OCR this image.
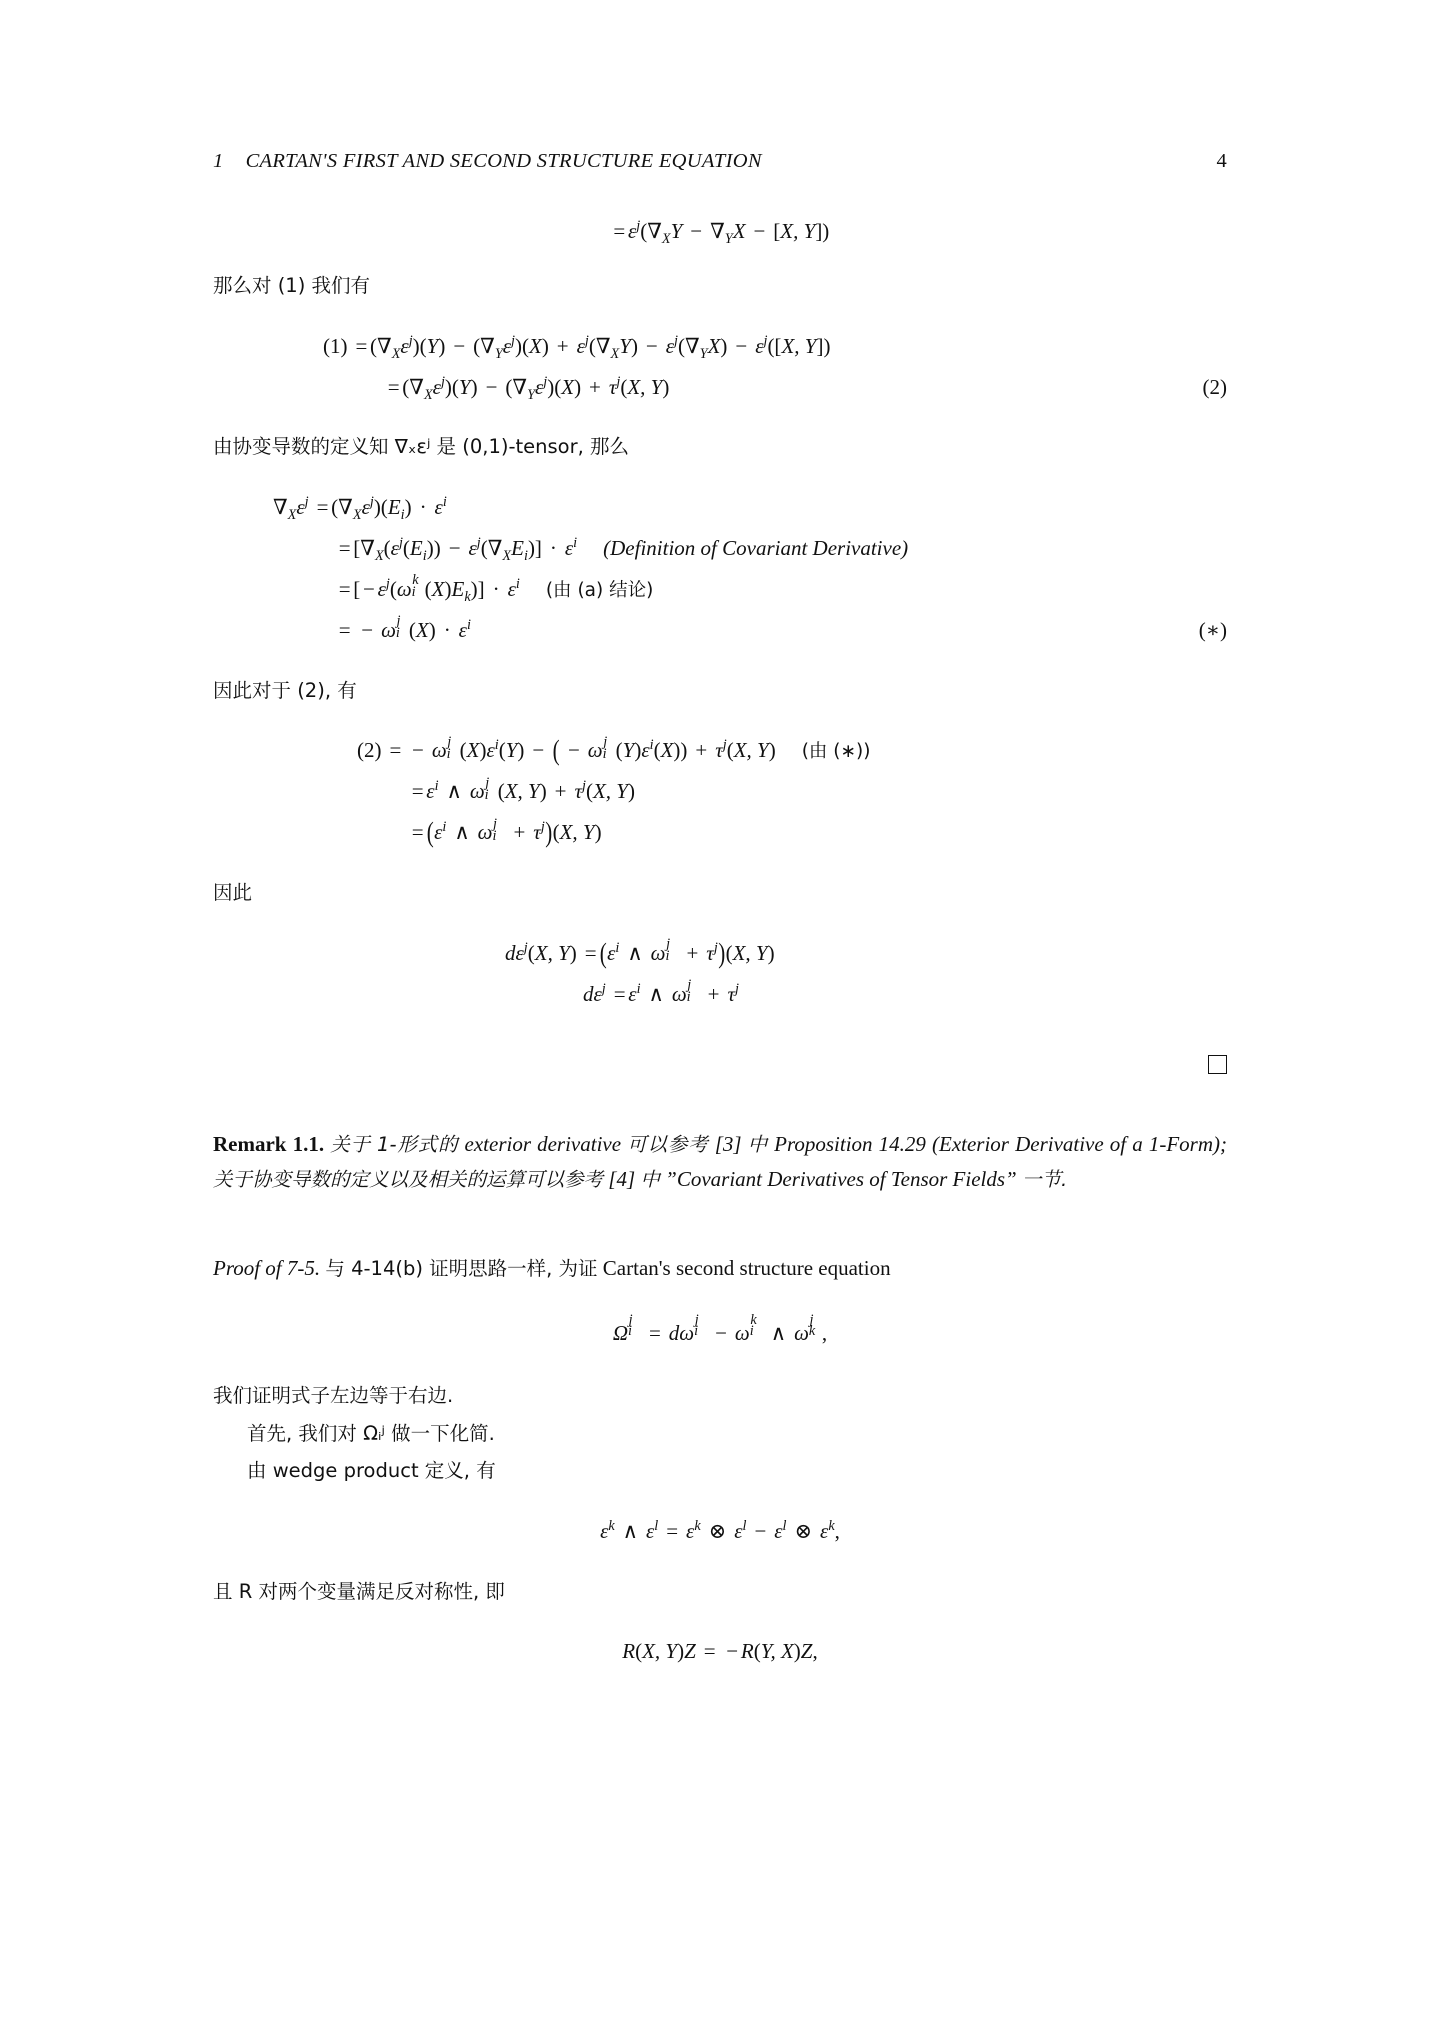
1 CARTAN'S FIRST AND SECOND STRUCTURE EQUATION	4
= $\varepsilon^j(\nabla_XY - \nabla_YX - [X$, Y])
那么对 (1) 我们有
$(1) = (\nabla_X\varepsilon^j)(Y) - (\nabla_Y\varepsilon^j)(X) + \varepsilon^j(\nabla_XY) - \varepsilon^j(\nabla_YX) - \varepsilon^j([X$, Y])
= $(\nabla_X\varepsilon^j)(Y) - (\nabla_Y\varepsilon^j)(X) + \tau^j(X$, Y)	(2)
由协变导数的定义知 ∇ₓεʲ 是 (0,1)-tensor, 那么
$\nabla_X\varepsilon^j = (\nabla_X\varepsilon^j)(E_i) \cdot \varepsilon^i$
= $[\nabla_X(\varepsilon^j(E_i)) - \varepsilon^j(\nabla_XE_i)] \cdot \varepsilon^i$	(Definition of Covariant Derivative)
= [ − $\varepsilon^j(\omega$ i
k $(X)E_k)] \cdot \varepsilon^i$	(由 (a) 结论)
= − ω i
j $(X) \cdot \varepsilon^i$	(∗)
因此对于 (2), 有
(2) = − ω i
j $(X)\varepsilon^i(Y)$ − ( − ω i
j $(Y)\varepsilon^i(X)) + \tau^j(X$, Y)	(由 (∗))
= $\varepsilon^i$ ∧ ω i
j (X, $Y) + \tau^j(X$, Y)
= ($\varepsilon^i$ ∧ ω i
$j + \tau^j)(X$, Y)
因此
$d\varepsilon^j(X$, $Y) = (\varepsilon^i$ ∧ ω i
$j + \tau^j)(X$, Y)
$d\varepsilon^j = \varepsilon^i$ ∧ ω i
$j + \tau^j$
Remark 1.1. 关于 1-形式的 exterior derivative 可以参考 [3] 中 Proposition 14.29 (Exterior Derivative of a 1-Form); 关于协变导数的定义以及相关的运算可以参考 [4] 中 ”Covariant Derivatives of Tensor Fields” 一节.
Proof of 7-5. 与 4-14(b) 证明思路一样, 为证 Cartan's second structure equation
Ω i
j
= dω i
j
− ω i
k
∧ ω k
j
,
我们证明式子左边等于右边.
首先, 我们对 Ωᵢʲ 做一下化简.
由 wedge product 定义, 有
$\varepsilon^k$ ∧ $\varepsilon^l = \varepsilon^k$ ⊗ $\varepsilon^l - \varepsilon^l$ ⊗ $\varepsilon^k$,
且 R 对两个变量满足反对称性, 即
R(X, Y)Z = − R(Y, X)Z,
